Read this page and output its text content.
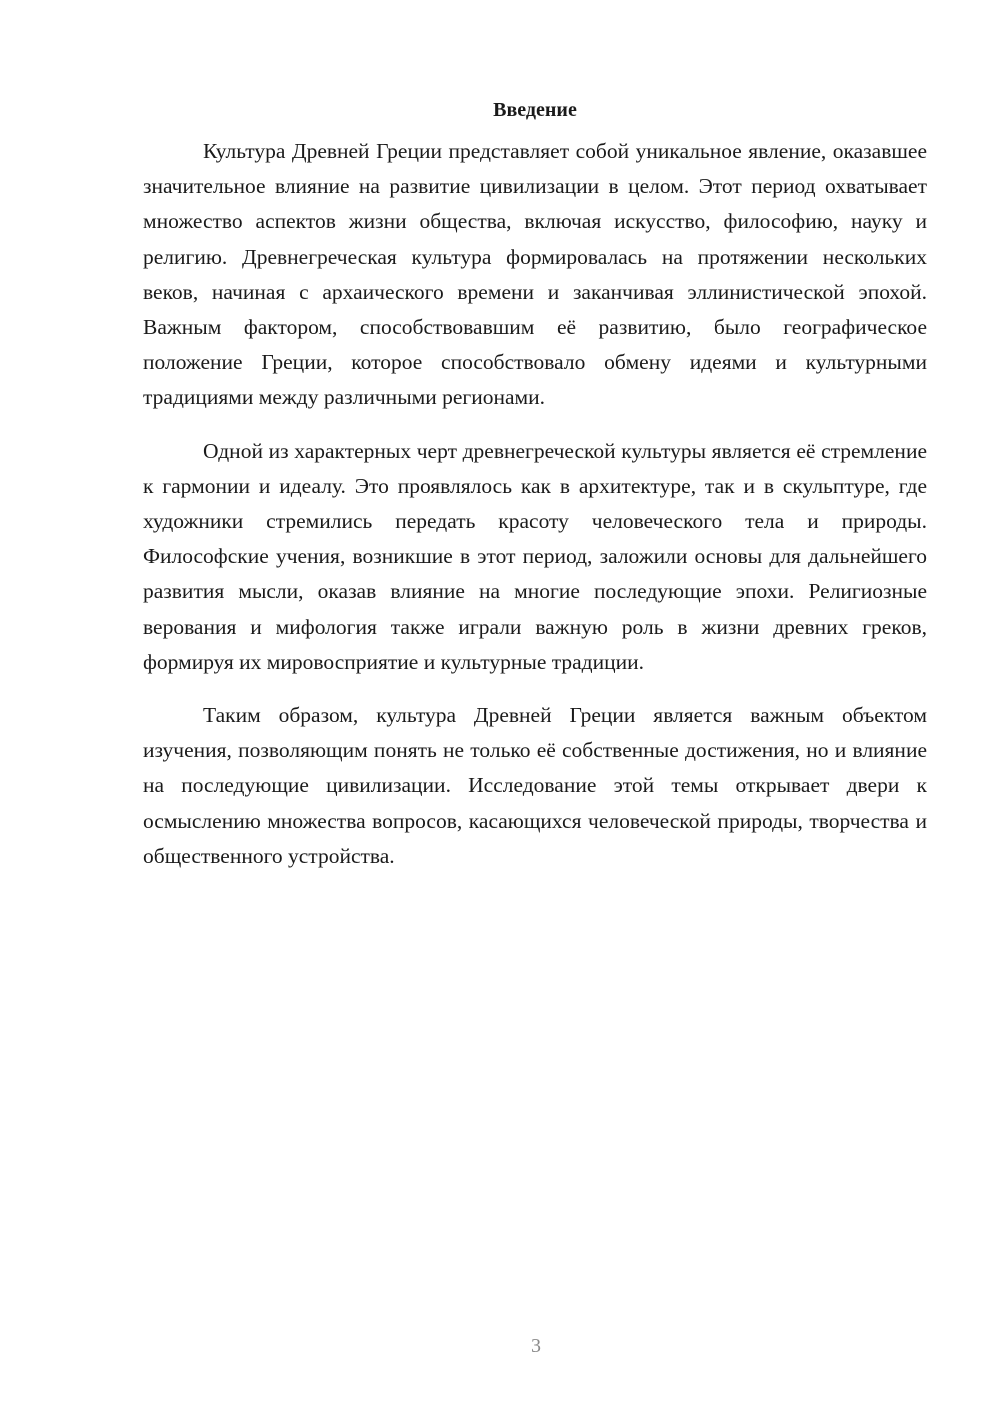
Введение

Культура Древней Греции представляет собой уникальное явление, оказавшее значительное влияние на развитие цивилизации в целом. Этот период охватывает множество аспектов жизни общества, включая искусство, философию, науку и религию. Древнегреческая культура формировалась на протяжении нескольких веков, начиная с архаического времени и заканчивая эллинистической эпохой. Важным фактором, способствовавшим её развитию, было географическое положение Греции, которое способствовало обмену идеями и культурными традициями между различными регионами.

Одной из характерных черт древнегреческой культуры является её стремление к гармонии и идеалу. Это проявлялось как в архитектуре, так и в скульптуре, где художники стремились передать красоту человеческого тела и природы. Философские учения, возникшие в этот период, заложили основы для дальнейшего развития мысли, оказав влияние на многие последующие эпохи. Религиозные верования и мифология также играли важную роль в жизни древних греков, формируя их мировосприятие и культурные традиции.

Таким образом, культура Древней Греции является важным объектом изучения, позволяющим понять не только её собственные достижения, но и влияние на последующие цивилизации. Исследование этой темы открывает двери к осмыслению множества вопросов, касающихся человеческой природы, творчества и общественного устройства.

3
